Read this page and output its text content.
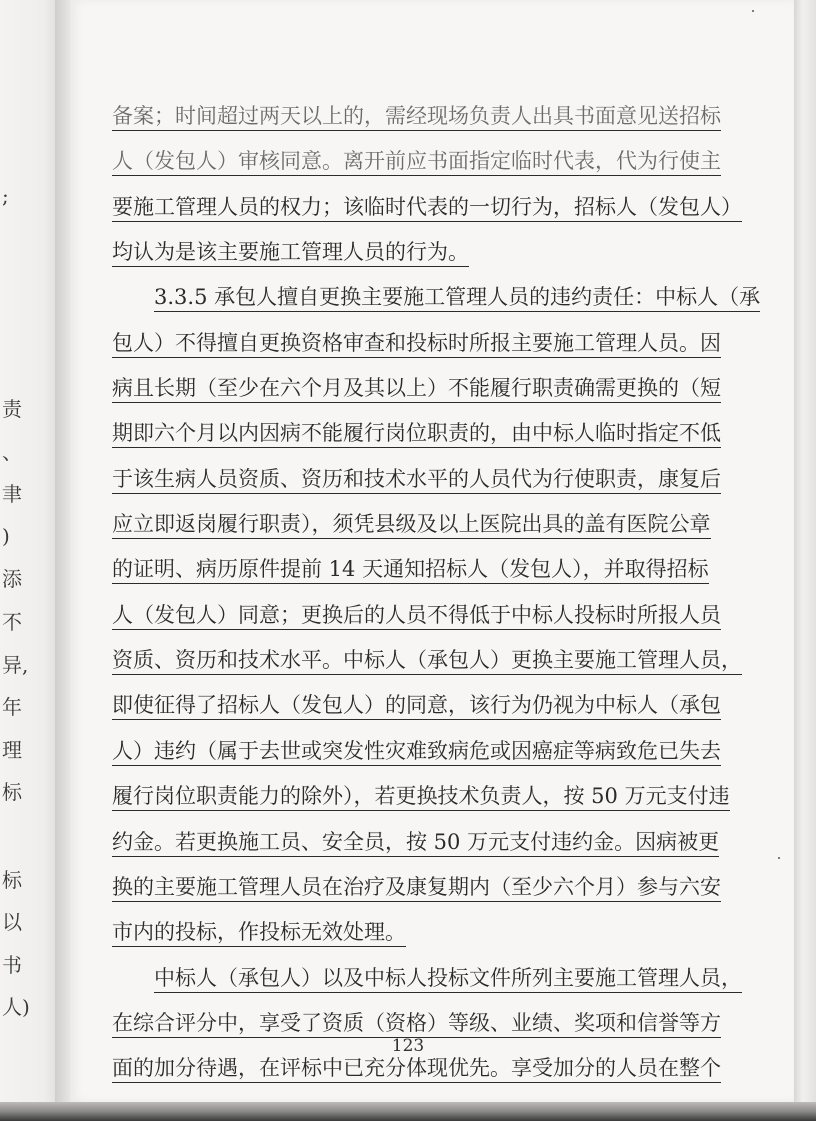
;
责
、
聿
)
添
不
异,
年
理
标
标
以
书
人)
备案；时间超过两天以上的，需经现场负责人出具书面意见送招标
人（发包人）审核同意。离开前应书面指定临时代表，代为行使主
要施工管理人员的权力；该临时代表的一切行为，招标人（发包人）
均认为是该主要施工管理人员的行为。
3.3.5 承包人擅自更换主要施工管理人员的违约责任：中标人（承
包人）不得擅自更换资格审查和投标时所报主要施工管理人员。因
病且长期（至少在六个月及其以上）不能履行职责确需更换的（短
期即六个月以内因病不能履行岗位职责的，由中标人临时指定不低
于该生病人员资质、资历和技术水平的人员代为行使职责，康复后
应立即返岗履行职责），须凭县级及以上医院出具的盖有医院公章
的证明、病历原件提前 14 天通知招标人（发包人），并取得招标
人（发包人）同意；更换后的人员不得低于中标人投标时所报人员
资质、资历和技术水平。中标人（承包人）更换主要施工管理人员，
即使征得了招标人（发包人）的同意，该行为仍视为中标人（承包
人）违约（属于去世或突发性灾难致病危或因癌症等病致危已失去
履行岗位职责能力的除外），若更换技术负责人，按 50 万元支付违
约金。若更换施工员、安全员，按 50 万元支付违约金。因病被更
换的主要施工管理人员在治疗及康复期内（至少六个月）参与六安
市内的投标，作投标无效处理。
中标人（承包人）以及中标人投标文件所列主要施工管理人员，
在综合评分中，享受了资质（资格）等级、业绩、奖项和信誉等方
面的加分待遇，在评标中已充分体现优先。享受加分的人员在整个
123
